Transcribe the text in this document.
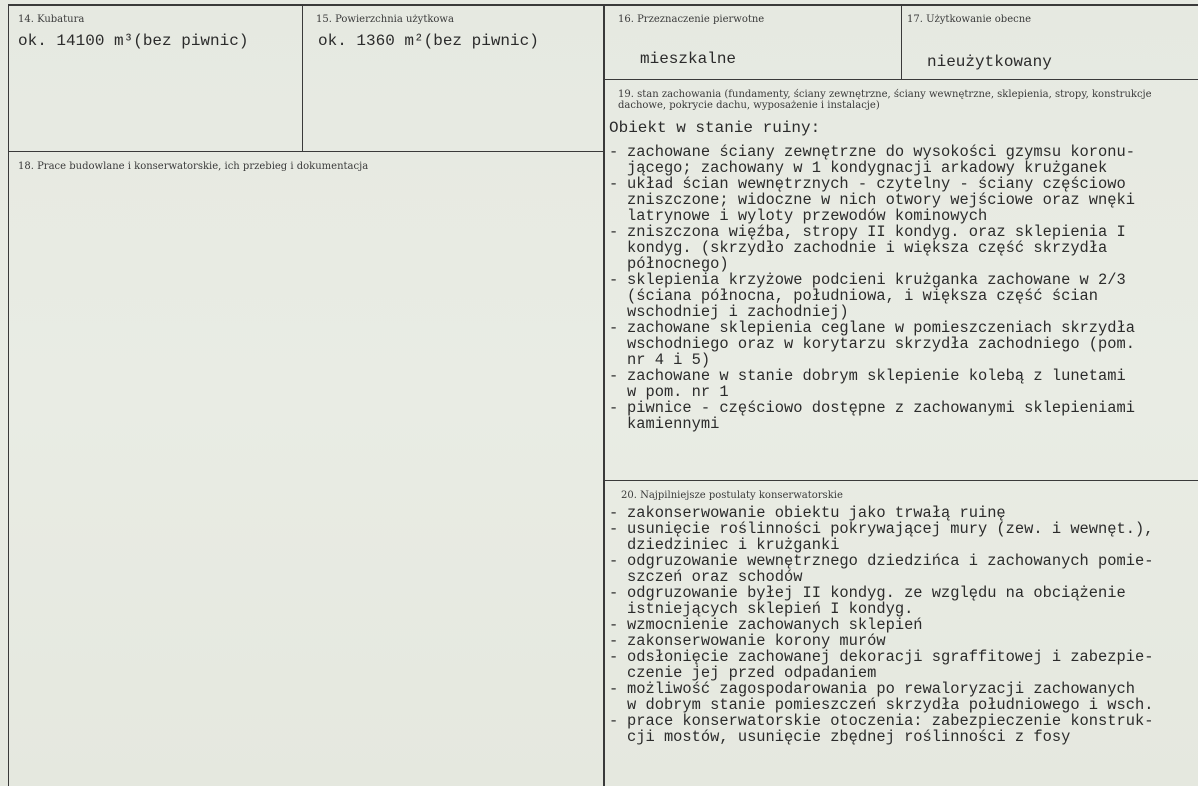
14. Kubatura
ok. 14100 m³(bez piwnic)
15. Powierzchnia użytkowa
ok. 1360 m²(bez piwnic)
16. Przeznaczenie pierwotne
mieszkalne
17. Użytkowanie obecne
nieużytkowany
18. Prace budowlane i konserwatorskie, ich przebieg i dokumentacja
19. stan zachowania (fundamenty, ściany zewnętrzne, ściany wewnętrzne, sklepienia, stropy, konstrukcje dachowe, pokrycie dachu, wyposażenie i instalacje)
Obiekt w stanie ruiny:
- zachowane ściany zewnętrzne do wysokości gzymsu koronu-
jącego; zachowany w 1 kondygnacji arkadowy krużganek
- układ ścian wewnętrznych - czytelny - ściany częściowo
zniszczone; widoczne w nich otwory wejściowe oraz wnęki
latrynowe i wyloty przewodów kominowych
- zniszczona więźba, stropy II kondyg. oraz sklepienia I
kondyg. (skrzydło zachodnie i większa część skrzydła
północnego)
- sklepienia krzyżowe podcieni krużganka zachowane w 2/3
(ściana północna, południowa, i większa część ścian
wschodniej i zachodniej)
- zachowane sklepienia ceglane w pomieszczeniach skrzydła
wschodniego oraz w korytarzu skrzydła zachodniego (pom.
nr 4 i 5)
- zachowane w stanie dobrym sklepienie kolebą z lunetami
w pom. nr 1
- piwnice - częściowo dostępne z zachowanymi sklepieniami
kamiennymi
20. Najpilniejsze postulaty konserwatorskie
- zakonserwowanie obiektu jako trwałą ruinę
- usunięcie roślinności pokrywającej mury (zew. i wewnęt.),
dziedziniec i krużganki
- odgruzowanie wewnętrznego dziedzińca i zachowanych pomie-
szczeń oraz schodów
- odgruzowanie byłej II kondyg. ze względu na obciążenie
istniejących sklepień I kondyg.
- wzmocnienie zachowanych sklepień
- zakonserwowanie korony murów
- odsłonięcie zachowanej dekoracji sgraffitowej i zabezpie-
czenie jej przed odpadaniem
- możliwość zagospodarowania po rewaloryzacji zachowanych
w dobrym stanie pomieszczeń skrzydła południowego i wsch.
- prace konserwatorskie otoczenia: zabezpieczenie konstruk-
cji mostów, usunięcie zbędnej roślinności z fosy
